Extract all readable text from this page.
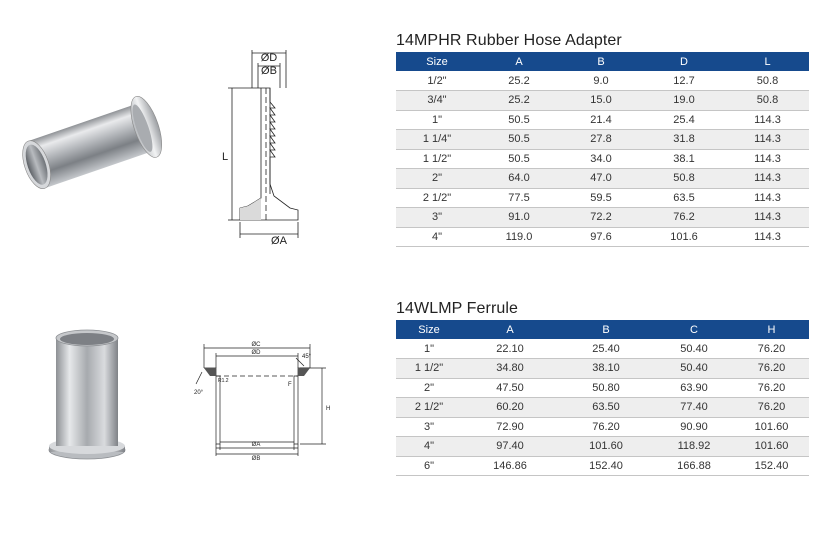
14MPHR Rubber Hose Adapter
ØD
ØB
L
ØA
Size	A	B	D	L
1/2"	25.2	9.0	12.7	50.8
3/4"	25.2	15.0	19.0	50.8
1"	50.5	21.4	25.4	114.3
1 1/4"	50.5	27.8	31.8	114.3
1 1/2"	50.5	34.0	38.1	114.3
2"	64.0	47.0	50.8	114.3
2 1/2"	77.5	59.5	63.5	114.3
3"	91.0	72.2	76.2	114.3
4"	119.0	97.6	101.6	114.3
14WLMP Ferrule
ØC
ØD
ØA
ØB
H
F
R1.2
45°
20°
Size	A	B	C	H
1"	22.10	25.40	50.40	76.20
1 1/2"	34.80	38.10	50.40	76.20
2"	47.50	50.80	63.90	76.20
2 1/2"	60.20	63.50	77.40	76.20
3"	72.90	76.20	90.90	101.60
4"	97.40	101.60	118.92	101.60
6"	146.86	152.40	166.88	152.40
